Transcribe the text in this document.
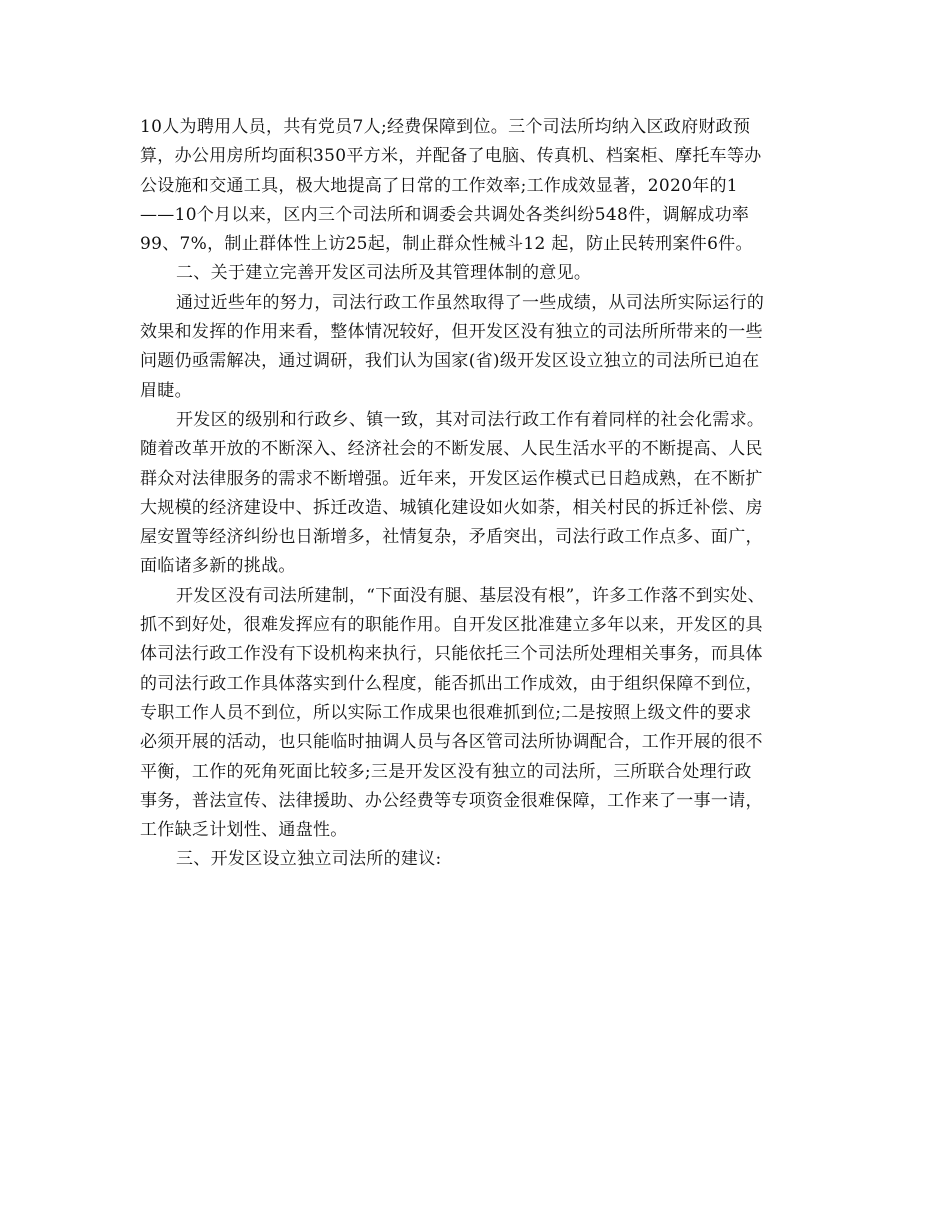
10人为聘用人员，共有党员7人;经费保障到位。三个司法所均纳入区政府财政预
算，办公用房所均面积350平方米，并配备了电脑、传真机、档案柜、摩托车等办
公设施和交通工具，极大地提高了日常的工作效率;工作成效显著，2020年的1
——10个月以来，区内三个司法所和调委会共调处各类纠纷548件，调解成功率
99、7%，制止群体性上访25起，制止群众性械斗12 起，防止民转刑案件6件。
二、关于建立完善开发区司法所及其管理体制的意见。
通过近些年的努力，司法行政工作虽然取得了一些成绩，从司法所实际运行的
效果和发挥的作用来看，整体情况较好，但开发区没有独立的司法所所带来的一些
问题仍亟需解决，通过调研，我们认为国家(省)级开发区设立独立的司法所已迫在
眉睫。
开发区的级别和行政乡、镇一致，其对司法行政工作有着同样的社会化需求。
随着改革开放的不断深入、经济社会的不断发展、人民生活水平的不断提高、人民
群众对法律服务的需求不断增强。近年来，开发区运作模式已日趋成熟，在不断扩
大规模的经济建设中、拆迁改造、城镇化建设如火如荼，相关村民的拆迁补偿、房
屋安置等经济纠纷也日渐增多，社情复杂，矛盾突出，司法行政工作点多、面广，
面临诸多新的挑战。
开发区没有司法所建制，“下面没有腿、基层没有根”，许多工作落不到实处、
抓不到好处，很难发挥应有的职能作用。自开发区批准建立多年以来，开发区的具
体司法行政工作没有下设机构来执行，只能依托三个司法所处理相关事务，而具体
的司法行政工作具体落实到什么程度，能否抓出工作成效，由于组织保障不到位，
专职工作人员不到位，所以实际工作成果也很难抓到位;二是按照上级文件的要求
必须开展的活动，也只能临时抽调人员与各区管司法所协调配合，工作开展的很不
平衡，工作的死角死面比较多;三是开发区没有独立的司法所，三所联合处理行政
事务，普法宣传、法律援助、办公经费等专项资金很难保障，工作来了一事一请，
工作缺乏计划性、通盘性。
三、开发区设立独立司法所的建议:
